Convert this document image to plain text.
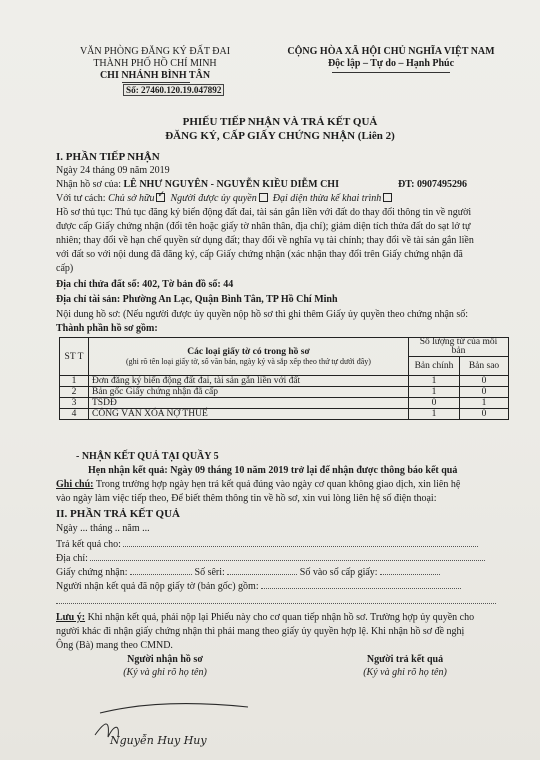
VĂN PHÒNG ĐĂNG KÝ ĐẤT ĐAI
THÀNH PHỐ HỒ CHÍ MINH
CHI NHÁNH BÌNH TÂN
Số: 27460.120.19.047892
CỘNG HÒA XÃ HỘI CHỦ NGHĨA VIỆT NAM
Độc lập – Tự do – Hạnh Phúc
PHIẾU TIẾP NHẬN VÀ TRẢ KẾT QUẢ
ĐĂNG KÝ, CẤP GIẤY CHỨNG NHẬN (Liên 2)
I. PHẦN TIẾP NHẬN
Ngày 24 tháng 09 năm 2019
Nhận hồ sơ của: LÊ NHƯ NGUYÊN - NGUYỄN KIỀU DIỄM CHI	ĐT: 0907495296
Với tư cách: Chủ sở hữu ✓ Người được ủy quyền Đại diện thừa kế khai trình
Hồ sơ thủ tục: Thủ tục đăng ký biến động đất đai, tài sản gắn liền với đất do thay đổi thông tin về người
được cấp Giấy chứng nhận (đổi tên hoặc giấy tờ nhân thân, địa chỉ); giảm diện tích thửa đất do sạt lở tự
nhiên; thay đổi về hạn chế quyền sử dụng đất; thay đổi về nghĩa vụ tài chính; thay đổi về tài sản gắn liền
với đất so với nội dung đã đăng ký, cấp Giấy chứng nhận (xác nhận thay đổi trên Giấy chứng nhận đã
cấp)
Địa chỉ thửa đất số: 402, Tờ bản đồ số: 44
Địa chỉ tài sản: Phường An Lạc, Quận Bình Tân, TP Hồ Chí Minh
Nội dung hồ sơ: (Nếu người được ủy quyền nộp hồ sơ thì ghi thêm Giấy ủy quyền theo chứng nhận số:
Thành phần hồ sơ gồm:
ST T	Các loại giấy tờ có trong hồ sơ
(ghi rõ tên loại giấy tờ, số văn bản, ngày ký và sắp xếp theo thứ tự dưới đây)	Số lượng từ của mỗi bản	
		Bản chính	Bản sao
1	Đơn đăng ký biến động đất đai, tài sản gắn liền với đất	1	0
2	Bản gốc Giấy chứng nhận đã cấp	1	0
3	TSDĐ	0	1
4	CÔNG VĂN XÓA NỢ THUẾ	1	0
- NHẬN KẾT QUẢ TẠI QUẦY 5
Hẹn nhận kết quả: Ngày 09 tháng 10 năm 2019 trở lại để nhận được thông báo kết quả
Ghi chú: Trong trường hợp ngày hẹn trả kết quả đúng vào ngày cơ quan không giao dịch, xin liên hệ
vào ngày làm việc tiếp theo, Để biết thêm thông tin về hồ sơ, xin vui lòng liên hệ số điện thoại:
II. PHẦN TRẢ KẾT QUẢ
Ngày ... tháng .. năm ...
Trả kết quả cho:
Địa chỉ:
Giấy chứng nhận:	Số sêri:	Số vào sổ cấp giấy:
Người nhận kết quả đã nộp giấy tờ (bản gốc) gồm:
Lưu ý: Khi nhận kết quả, phải nộp lại Phiếu này cho cơ quan tiếp nhận hồ sơ. Trường hợp ủy quyền cho
người khác đi nhận giấy chứng nhận thì phải mang theo giấy ủy quyền hợp lệ. Khi nhận hồ sơ đề nghị
Ông (Bà) mang theo CMND.
Người nhận hồ sơ
(Ký và ghi rõ họ tên)
Người trả kết quả
(Ký và ghi rõ họ tên)
Nguyễn Huy Huy
